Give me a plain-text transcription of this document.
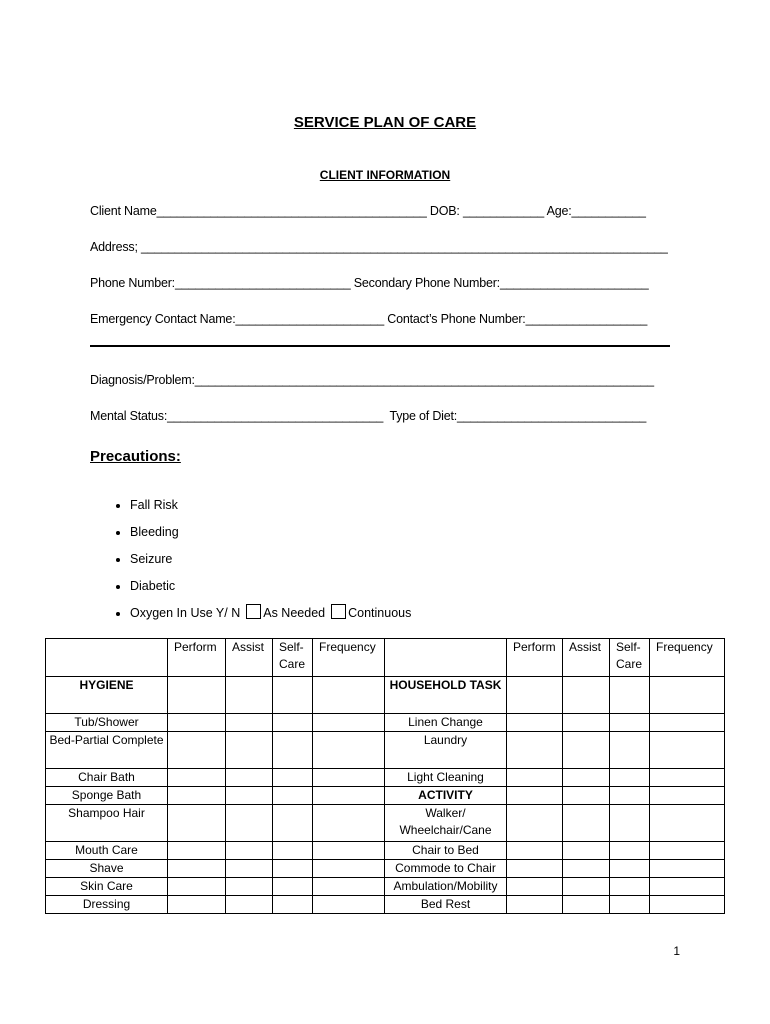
SERVICE PLAN OF CARE
CLIENT INFORMATION
Client Name________________________________________ DOB: ____________ Age:___________
Address; ______________________________________________________________________________
Phone Number:__________________________ Secondary Phone Number:______________________
Emergency Contact Name:______________________ Contact’s Phone Number:__________________
Diagnosis/Problem:____________________________________________________________________
Mental Status:________________________________  Type of Diet:____________________________
Precautions:
• Fall Risk
• Bleeding
• Seizure
• Diabetic
• Oxygen In Use Y/ N As Needed Continuous
	Perform	Assist	Self-Care	Frequency		Perform	Assist	Self-Care	Frequency
HYGIENE					HOUSEHOLD TASK				
Tub/Shower					Linen Change				
Bed-Partial Complete					Laundry				
Chair Bath					Light Cleaning				
Sponge Bath					ACTIVITY				
Shampoo Hair					Walker/ Wheelchair/Cane				
Mouth Care					Chair to Bed				
Shave					Commode to Chair				
Skin Care					Ambulation/Mobility				
Dressing					Bed Rest				
1
